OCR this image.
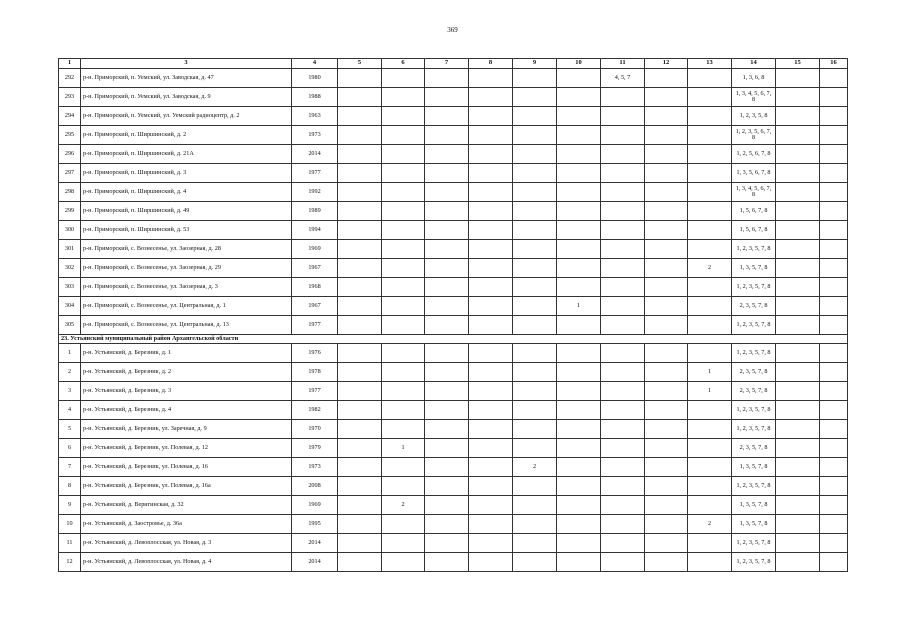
369
1	3	4	5	6	7	8	9	10	11	12	13	14	15	16
292	р-н. Приморский, п. Уемский, ул. Заводская, д. 47	1980							4, 5, 7			1, 3, 6, 8		
293	р-н. Приморский, п. Уемский, ул. Заводская, д. 9	1988										1, 3, 4, 5, 6, 7, 8		
294	р-н. Приморский, п. Уемский, ул. Уемский радиоцентр, д. 2	1963										1, 2, 3, 5, 8		
295	р-н. Приморский, п. Ширшинский, д. 2	1973										1, 2, 3, 5, 6, 7, 8		
296	р-н. Приморский, п. Ширшинский, д. 21А	2014										1, 2, 5, 6, 7, 8		
297	р-н. Приморский, п. Ширшинский, д. 3	1977										1, 3, 5, 6, 7, 8		
298	р-н. Приморский, п. Ширшинский, д. 4	1992										1, 3, 4, 5, 6, 7, 8		
299	р-н. Приморский, п. Ширшинский, д. 49	1989										1, 5, 6, 7, 8		
300	р-н. Приморский, п. Ширшинский, д. 53	1994										1, 5, 6, 7, 8		
301	р-н. Приморский, с. Вознесенье, ул. Заозерная, д. 28	1969										1, 2, 3, 5, 7, 8		
302	р-н. Приморский, с. Вознесенье, ул. Заозерная, д. 29	1967									2	1, 3, 5, 7, 8		
303	р-н. Приморский, с. Вознесенье, ул. Заозерная, д. 3	1968										1, 2, 3, 5, 7, 8		
304	р-н. Приморский, с. Вознесенье, ул. Центральная, д. 1	1967						1				2, 3, 5, 7, 8		
305	р-н. Приморский, с. Вознесенье, ул. Центральная, д. 13	1977										1, 2, 3, 5, 7, 8		
23. Устьянский муниципальный район Архангельской области														
1	р-н. Устьянский, д. Березник, д. 1	1976										1, 2, 3, 5, 7, 8		
2	р-н. Устьянский, д. Березник, д. 2	1978									1	2, 3, 5, 7, 8		
3	р-н. Устьянский, д. Березник, д. 3	1977									1	2, 3, 5, 7, 8		
4	р-н. Устьянский, д. Березник, д. 4	1982										1, 2, 3, 5, 7, 8		
5	р-н. Устьянский, д. Березник, ул. Заречная, д. 9	1970										1, 2, 3, 5, 7, 8		
6	р-н. Устьянский, д. Березник, ул. Полевая, д. 12	1979		1								2, 3, 5, 7, 8		
7	р-н. Устьянский, д. Березник, ул. Полевая, д. 16	1973					2					1, 3, 5, 7, 8		
8	р-н. Устьянский, д. Березник, ул. Полевая, д. 16а	2008										1, 2, 3, 5, 7, 8		
9	р-н. Устьянский, д. Веригинская, д. 32	1969		2								1, 3, 5, 7, 8		
10	р-н. Устьянский, д. Заостровье, д. 36а	1995									2	1, 3, 5, 7, 8		
11	р-н. Устьянский, д. Левоплосская, ул. Новая, д. 3	2014										1, 2, 3, 5, 7, 8		
12	р-н. Устьянский, д. Левоплосская, ул. Новая, д. 4	2014										1, 2, 3, 5, 7, 8		
